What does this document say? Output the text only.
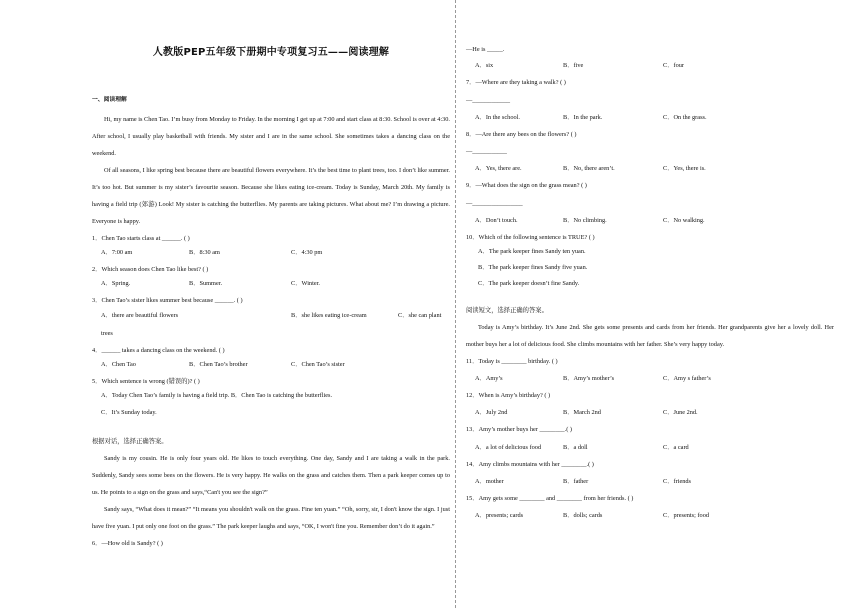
人教版PEP五年级下册期中专项复习五——阅读理解
一、阅读理解

Hi, my name is Chen Tao. I’m busy from Monday to Friday. In the morning I get up at 7:00 and start class at 8:30. School is over at 4:30. After school, I usually play basketball with friends. My sister and I are in the same school. She sometimes takes a dancing class on the weekend.

Of all seasons, I like spring best because there are beautiful flowers everywhere. It’s the best time to plant trees, too. I don’t like summer. It’s too hot. But summer is my sister’s favourite season. Because she likes eating ice-cream. Today is Sunday, March 20th. My family is having a field trip (郊游) Look! My sister is catching the butterflies. My parents are taking pictures. What about me? I’m drawing a picture. Everyone is happy.

1．Chen Tao starts class at ______. ( )
A．7:00 am	B．8:30 am	C．4:30 pm
2．Which season does Chen Tao like best? ( )
A．Spring.	B．Summer.	C．Winter.
3．Chen Tao’s sister likes summer best because ______. ( )
A．there are beautiful flowers	B．she likes eating ice-cream	C．she can plant
trees
4．______ takes a dancing class on the weekend. ( )
A．Chen Tao	B．Chen Tao’s brother	C．Chen Tao’s sister
5．Which sentence is wrong (错误的)? ( )
A．Today Chen Tao’s family is having a field trip. B．Chen Tao is catching the butterflies.
C．It’s Sunday today.
根据对话，选择正确答案。

Sandy is my cousin. He is only four years old. He likes to touch everything. One day, Sandy and I are taking a walk in the park. Suddenly, Sandy sees some bees on the flowers. He is very happy. He walks on the grass and catches them. Then a park keeper comes up to us. He points to a sign on the grass and says,“Can't you see the sign?”

Sandy says, “What does it mean?” “It means you shouldn't walk on the grass. Fine ten yuan.” “Oh, sorry, sir, I don't know the sign. I just have five yuan. I put only one foot on the grass.” The park keeper laughs and says, “OK, I won't fine you. Remember don’t do it again.”

6．—How old is Sandy? ( )
—He is _____.
A．six	B．five	C．four
7．—Where are they taking a walk? ( )
—____________
A．In the school.	B．In the park.	C．On the grass.
8．—Are there any bees on the flowers? ( )
—___________
A．Yes, there are.	B．No, there aren’t.	C．Yes, there is.
9．—What does the sign on the grass mean? ( )
—________________
A．Don’t touch.	B．No climbing.	C．No walking.
10．Which of the following sentence is TRUE? ( )
A．The park keeper fines Sandy ten yuan.
B．The park keeper fines Sandy five yuan.
C．The park keeper doesn’t fine Sandy.
阅读短文，选择正确的答案。

Today is Amy’s birthday. It’s June 2nd. She gets some presents and cards from her friends. Her grandparents give her a lovely doll. Her mother buys her a lot of delicious food. She climbs mountains with her father. She’s very happy today.

11．Today is ________ birthday. ( )
A．Amy’s	B．Amy’s mother’s	C．Amy s father’s
12．When is Amy’s birthday? ( )
A．July 2nd	B．March 2nd	C．June 2nd.
13．Amy’s mother buys her ________.( )
A．a lot of delicious food	B．a doll	C．a card
14．Amy climbs mountains with her ________.( )
A．mother	B．father	C．friends
15．Amy gets some ________ and ________ from her friends. ( )
A．presents; cards	B．dolls; cards	C．presents; food
